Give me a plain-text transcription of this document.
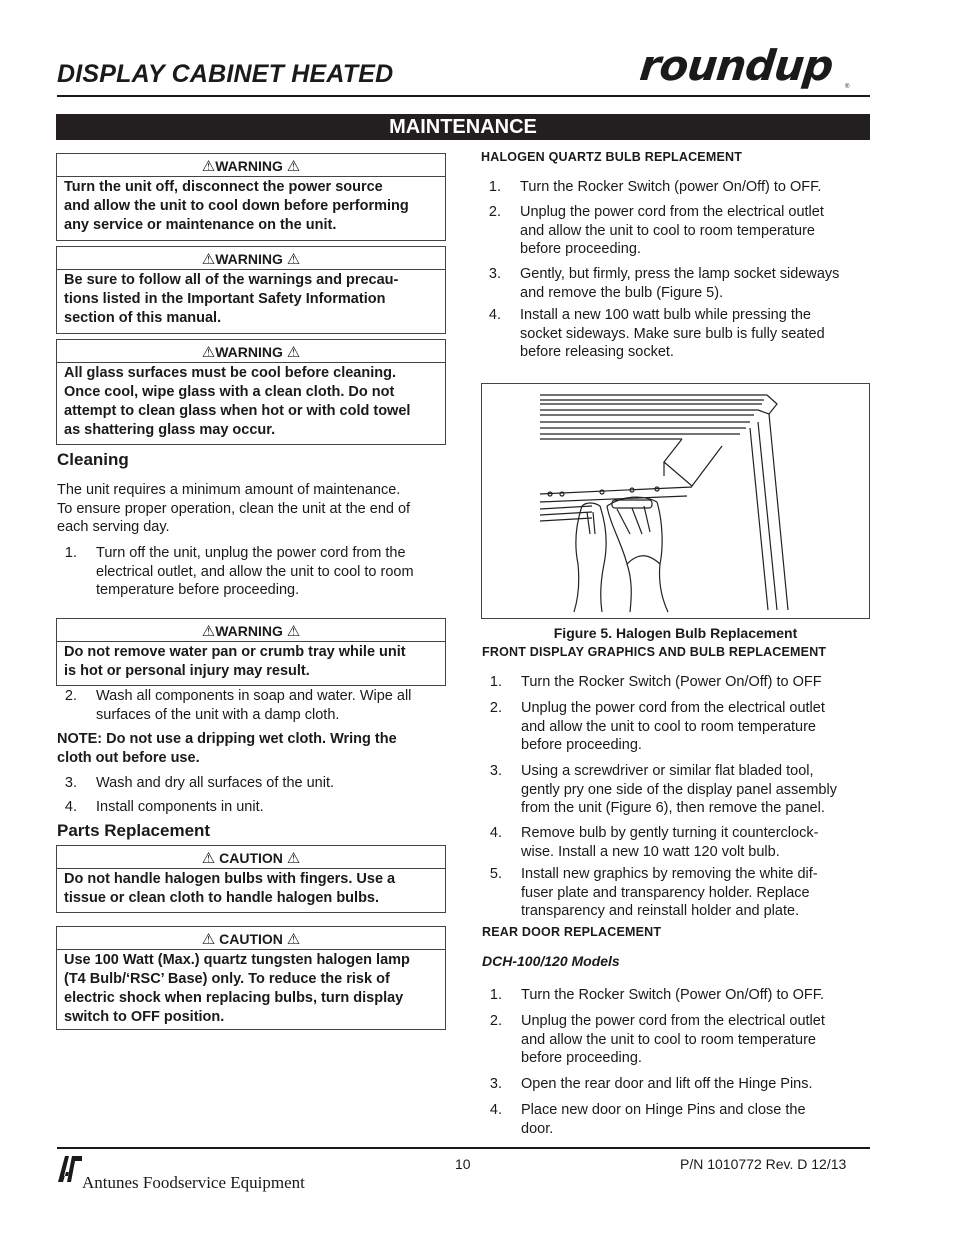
DISPLAY CABINET HEATED	roundup	®
MAINTENANCE
⚠WARNING ⚠
Turn the unit off, disconnect the power source
and allow the unit to cool down before performing
any service or maintenance on the unit.
⚠WARNING ⚠
Be sure to follow all of the warnings and precau-
tions listed in the Important Safety Information
section of this manual.
⚠WARNING ⚠
All glass surfaces must be cool before cleaning.
Once cool, wipe glass with a clean cloth. Do not
attempt to clean glass when hot or with cold towel
as shattering glass may occur.
Cleaning
The unit requires a minimum amount of maintenance.
To ensure proper operation, clean the unit at the end of
each serving day.
1. Turn off the unit, unplug the power cord from the
electrical outlet, and allow the unit to cool to room
temperature before proceeding.
⚠WARNING ⚠
Do not remove water pan or crumb tray while unit
is hot or personal injury may result.
2. Wash all components in soap and water. Wipe all
surfaces of the unit with a damp cloth.
NOTE: Do not use a dripping wet cloth. Wring the
cloth out before use.
3. Wash and dry all surfaces of the unit.
4. Install components in unit.
Parts Replacement
⚠ CAUTION ⚠
Do not handle halogen bulbs with fingers. Use a
tissue or clean cloth to handle halogen bulbs.
⚠ CAUTION ⚠
Use 100 Watt (Max.) quartz tungsten halogen lamp
(T4 Bulb/‘RSC’ Base) only. To reduce the risk of
electric shock when replacing bulbs, turn display
switch to OFF position.
HALOGEN QUARTZ BULB REPLACEMENT
1. Turn the Rocker Switch (power On/Off) to OFF.
2. Unplug the power cord from the electrical outlet
and allow the unit to cool to room temperature
before proceeding.
3. Gently, but firmly, press the lamp socket sideways
and remove the bulb (Figure 5).
4. Install a new 100 watt bulb while pressing the
socket sideways. Make sure bulb is fully seated
before releasing socket.
Figure 5. Halogen Bulb Replacement
FRONT DISPLAY GRAPHICS AND BULB REPLACEMENT
1. Turn the Rocker Switch (Power On/Off) to OFF
2. Unplug the power cord from the electrical outlet
and allow the unit to cool to room temperature
before proceeding.
3. Using a screwdriver or similar flat bladed tool,
gently pry one side of the display panel assembly
from the unit (Figure 6), then remove the panel.
4. Remove bulb by gently turning it counterclock-
wise. Install a new 10 watt 120 volt bulb.
5. Install new graphics by removing the white dif-
fuser plate and transparency holder. Replace
transparency and reinstall holder and plate.
REAR DOOR REPLACEMENT
DCH-100/120 Models
1. Turn the Rocker Switch (Power On/Off) to OFF.
2. Unplug the power cord from the electrical outlet
and allow the unit to cool to room temperature
before proceeding.
3. Open the rear door and lift off the Hinge Pins.
4. Place new door on Hinge Pins and close the
door.
Antunes Foodservice Equipment
10	P/N 1010772 Rev. D 12/13
